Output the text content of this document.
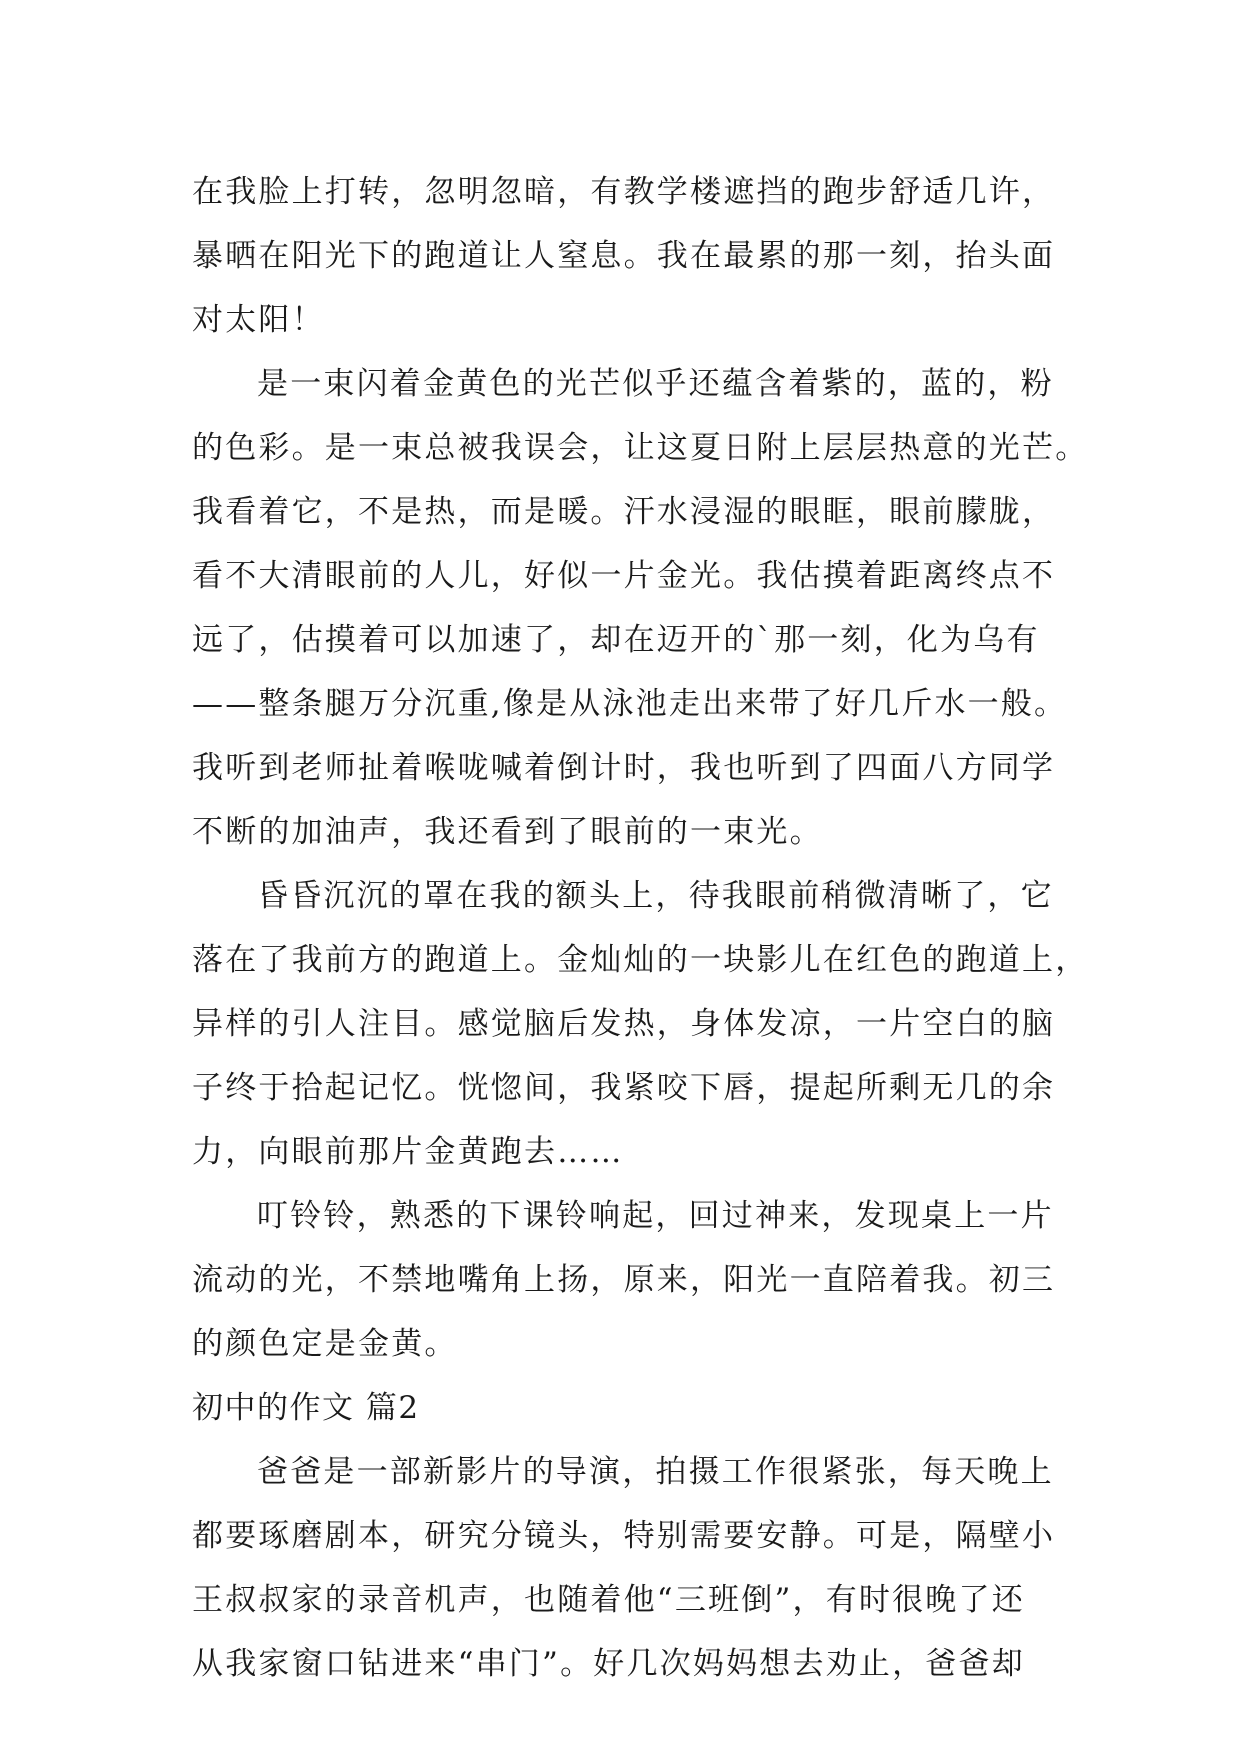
在我脸上打转，忽明忽暗，有教学楼遮挡的跑步舒适几许，
暴晒在阳光下的跑道让人窒息。我在最累的那一刻，抬头面
对太阳！
是一束闪着金黄色的光芒似乎还蕴含着紫的，蓝的，粉
的色彩。是一束总被我误会，让这夏日附上层层热意的光芒。
我看着它，不是热，而是暖。汗水浸湿的眼眶，眼前朦胧，
看不大清眼前的人儿，好似一片金光。我估摸着距离终点不
远了，估摸着可以加速了，却在迈开的`那一刻，化为乌有
——整条腿万分沉重,像是从泳池走出来带了好几斤水一般。
我听到老师扯着喉咙喊着倒计时，我也听到了四面八方同学
不断的加油声，我还看到了眼前的一束光。
昏昏沉沉的罩在我的额头上，待我眼前稍微清晰了，它
落在了我前方的跑道上。金灿灿的一块影儿在红色的跑道上，
异样的引人注目。感觉脑后发热，身体发凉，一片空白的脑
子终于拾起记忆。恍惚间，我紧咬下唇，提起所剩无几的余
力，向眼前那片金黄跑去……
叮铃铃，熟悉的下课铃响起，回过神来，发现桌上一片
流动的光，不禁地嘴角上扬，原来，阳光一直陪着我。初三
的颜色定是金黄。
初中的作文 篇2
爸爸是一部新影片的导演，拍摄工作很紧张，每天晚上
都要琢磨剧本，研究分镜头，特别需要安静。可是，隔壁小
王叔叔家的录音机声，也随着他“三班倒”，有时很晚了还
从我家窗口钻进来“串门”。好几次妈妈想去劝止，爸爸却
